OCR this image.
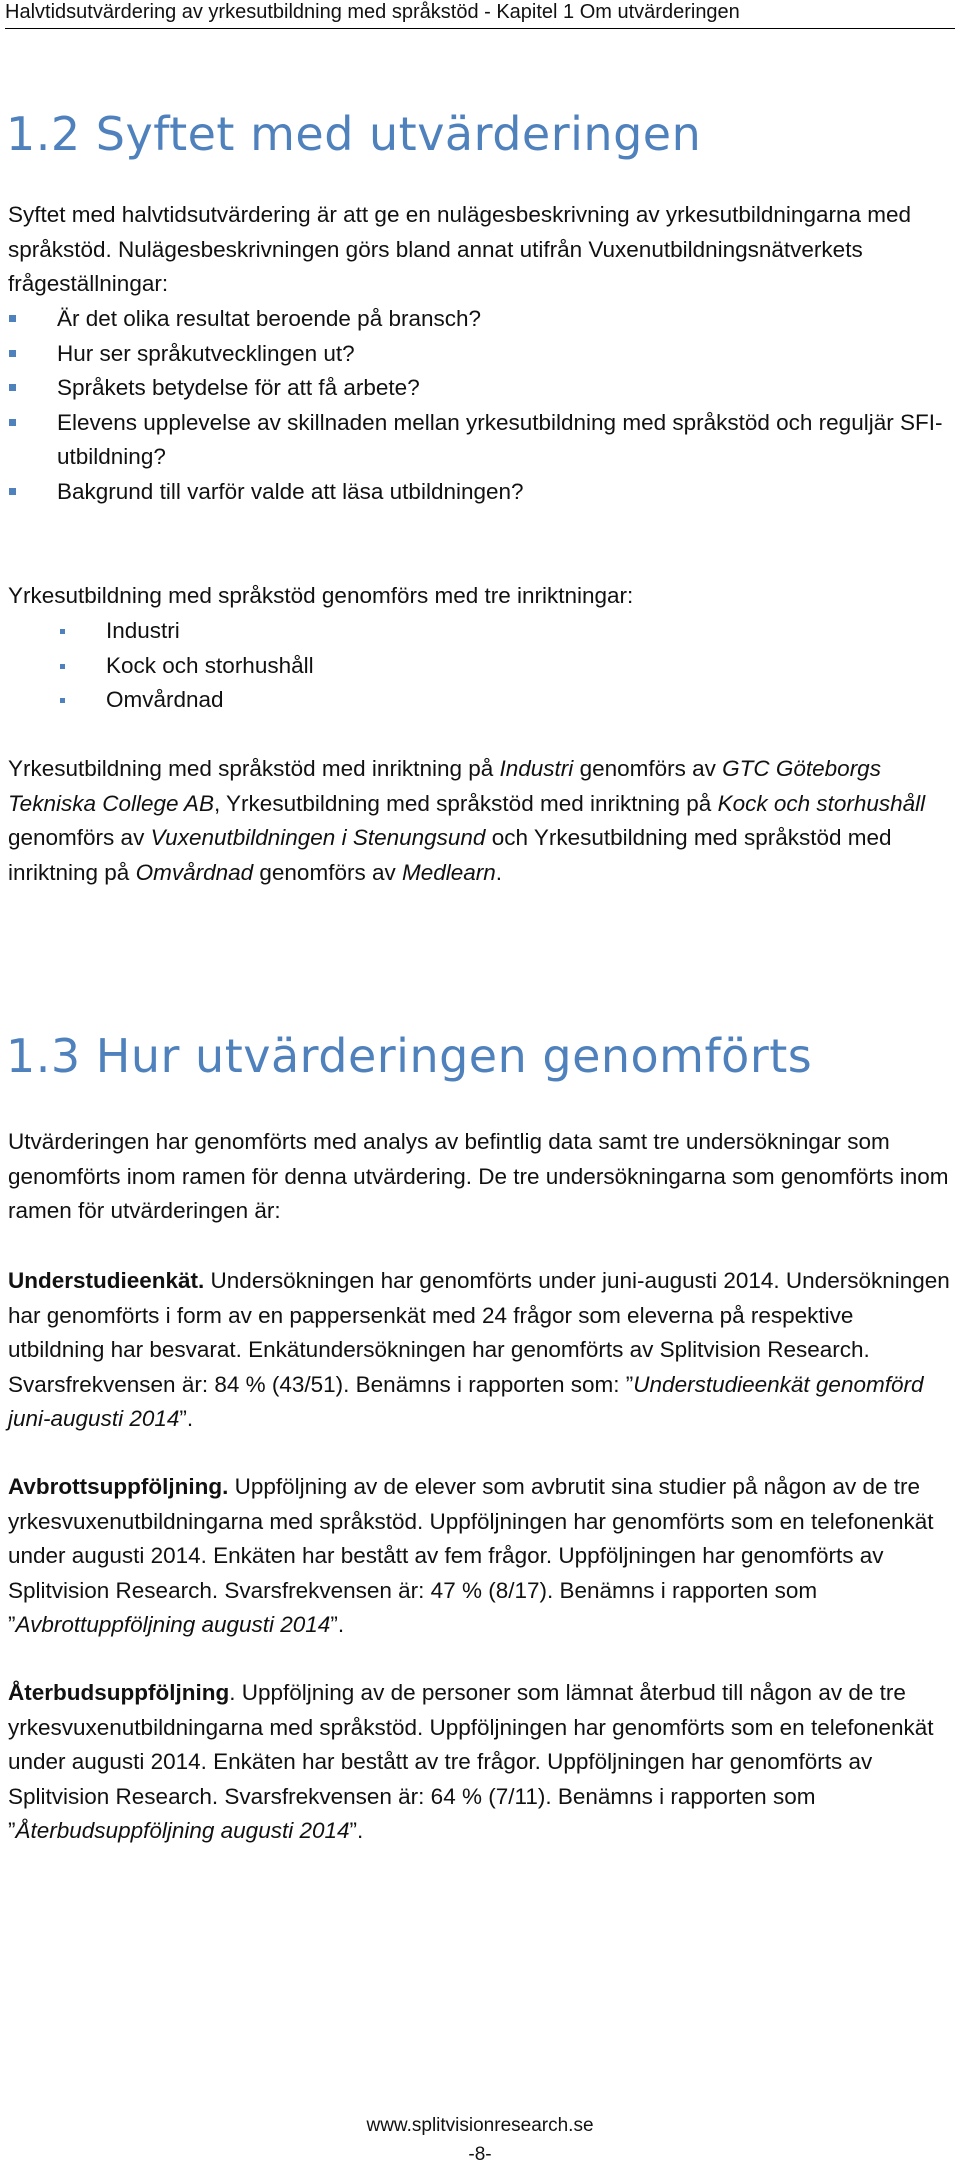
Halvtidsutvärdering av yrkesutbildning med språkstöd - Kapitel 1 Om utvärderingen
1.2 Syftet med utvärderingen

Syftet med halvtidsutvärdering är att ge en nulägesbeskrivning av yrkesutbildningarna med språkstöd. Nulägesbeskrivningen görs bland annat utifrån Vuxenutbildningsnätverkets frågeställningar:

Är det olika resultat beroende på bransch?
Hur ser språkutvecklingen ut?
Språkets betydelse för att få arbete?
Elevens upplevelse av skillnaden mellan yrkesutbildning med språkstöd och reguljär SFI-utbildning?
Bakgrund till varför valde att läsa utbildningen?

Yrkesutbildning med språkstöd genomförs med tre inriktningar:

Industri
Kock och storhushåll
Omvårdnad

Yrkesutbildning med språkstöd med inriktning på Industri genomförs av GTC Göteborgs Tekniska College AB, Yrkesutbildning med språkstöd med inriktning på Kock och storhushåll genomförs av Vuxenutbildningen i Stenungsund och Yrkesutbildning med språkstöd med inriktning på Omvårdnad genomförs av Medlearn.

1.3 Hur utvärderingen genomförts

Utvärderingen har genomförts med analys av befintlig data samt tre undersökningar som genomförts inom ramen för denna utvärdering. De tre undersökningarna som genomförts inom ramen för utvärderingen är:

Understudieenkät. Undersökningen har genomförts under juni-augusti 2014. Undersökningen har genomförts i form av en pappersenkät med 24 frågor som eleverna på respektive utbildning har besvarat. Enkätundersökningen har genomförts av Splitvision Research. Svarsfrekvensen är: 84 % (43/51). Benämns i rapporten som: ”Understudieenkät genomförd juni-augusti 2014”.

Avbrottsuppföljning. Uppföljning av de elever som avbrutit sina studier på någon av de tre yrkesvuxenutbildningarna med språkstöd. Uppföljningen har genomförts som en telefonenkät under augusti 2014. Enkäten har bestått av fem frågor. Uppföljningen har genomförts av Splitvision Research. Svarsfrekvensen är: 47 % (8/17). Benämns i rapporten som ”Avbrottuppföljning augusti 2014”.

Återbudsuppföljning. Uppföljning av de personer som lämnat återbud till någon av de tre yrkesvuxenutbildningarna med språkstöd. Uppföljningen har genomförts som en telefonenkät under augusti 2014. Enkäten har bestått av tre frågor. Uppföljningen har genomförts av Splitvision Research. Svarsfrekvensen är: 64 % (7/11). Benämns i rapporten som ”Återbudsuppföljning augusti 2014”.

www.splitvisionresearch.se
-8-
